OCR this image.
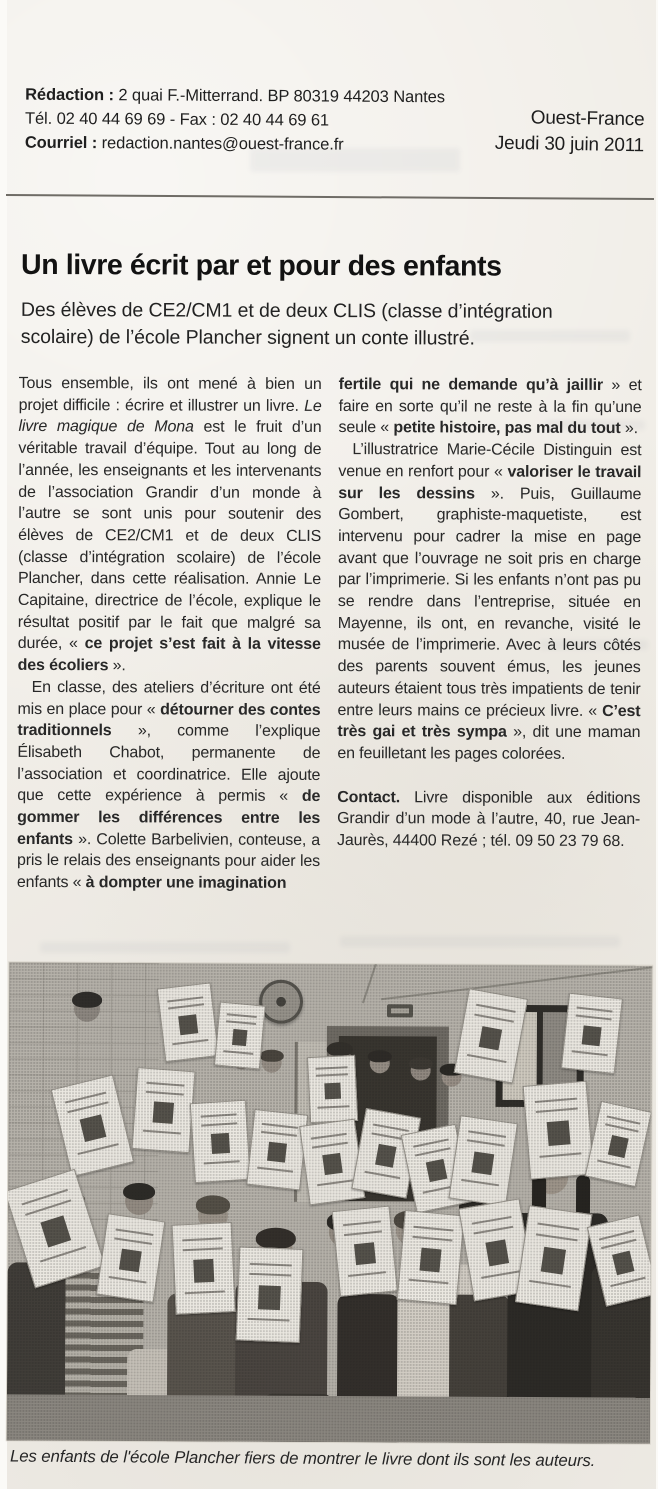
Rédaction : 2 quai F.-Mitterrand. BP 80319 44203 Nantes
Tél. 02 40 44 69 69 - Fax : 02 40 44 69 61
Courriel : redaction.nantes@ouest-france.fr
Ouest-France
Jeudi 30 juin 2011
Un livre écrit par et pour des enfants
Des élèves de CE2/CM1 et de deux CLIS (classe d’intégration scolaire) de l’école Plancher signent un conte illustré.

Tous ensemble, ils ont mené à bien un projet difficile : écrire et illustrer un livre. Le livre magique de Mona est le fruit d’un véritable travail d’équipe. Tout au long de l’année, les enseignants et les intervenants de l’association Grandir d’un monde à l’autre se sont unis pour soutenir des élèves de CE2/CM1 et de deux CLIS (classe d’intégration scolaire) de l’école Plancher, dans cette réalisation. Annie Le Capitaine, directrice de l’école, explique le résultat positif par le fait que malgré sa durée, « ce projet s’est fait à la vitesse des écoliers ».

En classe, des ateliers d’écriture ont été mis en place pour « détourner des contes traditionnels », comme l’explique Élisabeth Chabot, permanente de l’association et coordinatrice. Elle ajoute que cette expérience à permis « de gommer les différences entre les enfants ». Colette Barbelivien, conteuse, a pris le relais des enseignants pour aider les enfants « à dompter une imagination

fertile qui ne demande qu’à jaillir » et faire en sorte qu’il ne reste à la fin qu’une seule « petite histoire, pas mal du tout ».

L’illustratrice Marie-Cécile Distinguin est venue en renfort pour « valoriser le travail sur les dessins ». Puis, Guillaume Gombert, graphiste-maquetiste, est intervenu pour cadrer la mise en page avant que l’ouvrage ne soit pris en charge par l’imprimerie. Si les enfants n’ont pas pu se rendre dans l’entreprise, située en Mayenne, ils ont, en revanche, visité le musée de l’imprimerie. Avec à leurs côtés des parents souvent émus, les jeunes auteurs étaient tous très impatients de tenir entre leurs mains ce précieux livre. « C’est très gai et très sympa », dit une maman en feuilletant les pages colorées.

Contact. Livre disponible aux éditions Grandir d’un mode à l’autre, 40, rue Jean-Jaurès, 44400 Rezé ; tél. 09 50 23 79 68.

Les enfants de l'école Plancher fiers de montrer le livre dont ils sont les auteurs.
